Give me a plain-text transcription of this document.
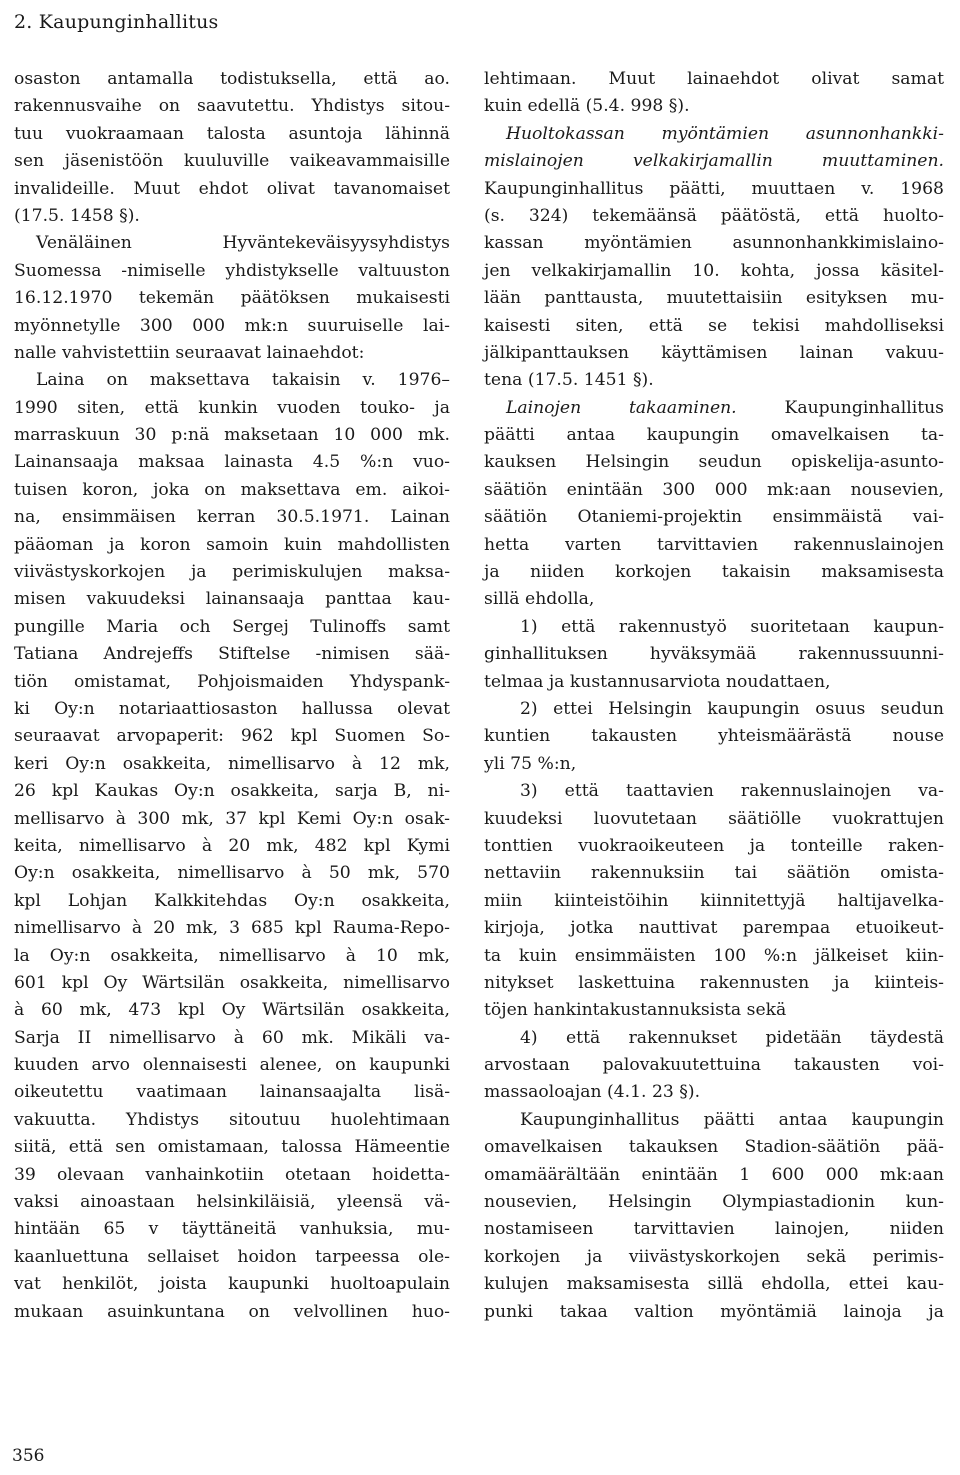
2. Kaupunginhallitus
osaston antamalla todistuksella, että ao.
rakennusvaihe on saavutettu. Yhdistys sitou-
tuu vuokraamaan talosta asuntoja lähinnä
sen jäsenistöön kuuluville vaikeavammaisille
invalideille. Muut ehdot olivat tavanomaiset
(17.5. 1458 §).
Venäläinen Hyväntekeväisyysyhdistys
Suomessa -nimiselle yhdistykselle valtuuston
16.12.1970 tekemän päätöksen mukaisesti
myönnetylle 300 000 mk:n suuruiselle lai-
nalle vahvistettiin seuraavat lainaehdot:
Laina on maksettava takaisin v. 1976–
1990 siten, että kunkin vuoden touko- ja
marraskuun 30 p:nä maksetaan 10 000 mk.
Lainansaaja maksaa lainasta 4.5 %:n vuo-
tuisen koron, joka on maksettava em. aikoi-
na, ensimmäisen kerran 30.5.1971. Lainan
pääoman ja koron samoin kuin mahdollisten
viivästyskorkojen ja perimiskulujen maksa-
misen vakuudeksi lainansaaja panttaa kau-
pungille Maria och Sergej Tulinoffs samt
Tatiana Andrejeffs Stiftelse -nimisen sää-
tiön omistamat, Pohjoismaiden Yhdyspank-
ki Oy:n notariaattiosaston hallussa olevat
seuraavat arvopaperit: 962 kpl Suomen So-
keri Oy:n osakkeita, nimellisarvo à 12 mk,
26 kpl Kaukas Oy:n osakkeita, sarja B, ni-
mellisarvo à 300 mk, 37 kpl Kemi Oy:n osak-
keita, nimellisarvo à 20 mk, 482 kpl Kymi
Oy:n osakkeita, nimellisarvo à 50 mk, 570
kpl Lohjan Kalkkitehdas Oy:n osakkeita,
nimellisarvo à 20 mk, 3 685 kpl Rauma-Repo-
la Oy:n osakkeita, nimellisarvo à 10 mk,
601 kpl Oy Wärtsilän osakkeita, nimellisarvo
à 60 mk, 473 kpl Oy Wärtsilän osakkeita,
Sarja II nimellisarvo à 60 mk. Mikäli va-
kuuden arvo olennaisesti alenee, on kaupunki
oikeutettu vaatimaan lainansaajalta lisä-
vakuutta. Yhdistys sitoutuu huolehtimaan
siitä, että sen omistamaan, talossa Hämeentie
39 olevaan vanhainkotiin otetaan hoidetta-
vaksi ainoastaan helsinkiläisiä, yleensä vä-
hintään 65 v täyttäneitä vanhuksia, mu-
kaanluettuna sellaiset hoidon tarpeessa ole-
vat henkilöt, joista kaupunki huoltoapulain
mukaan asuinkuntana on velvollinen huo-
lehtimaan. Muut lainaehdot olivat samat
kuin edellä (5.4. 998 §).
Huoltokassan myöntämien asunnonhankki-
mislainojen velkakirjamallin muuttaminen.
Kaupunginhallitus päätti, muuttaen v. 1968
(s. 324) tekemäänsä päätöstä, että huolto-
kassan myöntämien asunnonhankkimislaino-
jen velkakirjamallin 10. kohta, jossa käsitel-
lään panttausta, muutettaisiin esityksen mu-
kaisesti siten, että se tekisi mahdolliseksi
jälkipanttauksen käyttämisen lainan vakuu-
tena (17.5. 1451 §).
Lainojen takaaminen. Kaupunginhallitus
päätti antaa kaupungin omavelkaisen ta-
kauksen Helsingin seudun opiskelija-asunto-
säätiön enintään 300 000 mk:aan nousevien,
säätiön Otaniemi-projektin ensimmäistä vai-
hetta varten tarvittavien rakennuslainojen
ja niiden korkojen takaisin maksamisesta
sillä ehdolla,
1) että rakennustyö suoritetaan kaupun-
ginhallituksen hyväksymää rakennussuunni-
telmaa ja kustannusarviota noudattaen,
2) ettei Helsingin kaupungin osuus seudun
kuntien takausten yhteismäärästä nouse
yli 75 %:n,
3) että taattavien rakennuslainojen va-
kuudeksi luovutetaan säätiölle vuokrattujen
tonttien vuokraoikeuteen ja tonteille raken-
nettaviin rakennuksiin tai säätiön omista-
miin kiinteistöihin kiinnitettyjä haltijavelka-
kirjoja, jotka nauttivat parempaa etuoikeut-
ta kuin ensimmäisten 100 %:n jälkeiset kiin-
nitykset laskettuina rakennusten ja kiinteis-
töjen hankintakustannuksista sekä
4) että rakennukset pidetään täydestä
arvostaan palovakuutettuina takausten voi-
massaoloajan (4.1. 23 §).
Kaupunginhallitus päätti antaa kaupungin
omavelkaisen takauksen Stadion-säätiön pää-
omamäärältään enintään 1 600 000 mk:aan
nousevien, Helsingin Olympiastadionin kun-
nostamiseen tarvittavien lainojen, niiden
korkojen ja viivästyskorkojen sekä perimis-
kulujen maksamisesta sillä ehdolla, ettei kau-
punki takaa valtion myöntämiä lainoja ja
356
